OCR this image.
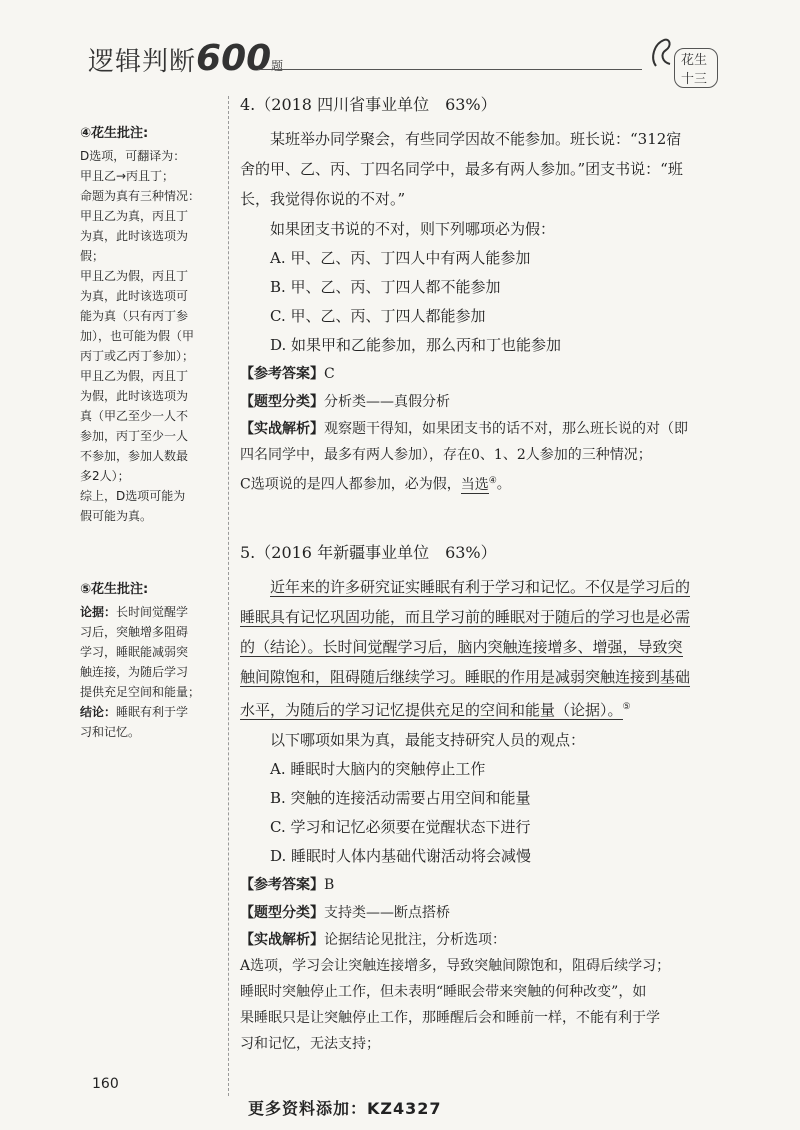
逻辑判断600题	花生十三
④花生批注:
D选项，可翻译为：
甲且乙→丙且丁；
命题为真有三种情况：
甲且乙为真，丙且丁
为真，此时该选项为
假；
甲且乙为假，丙且丁
为真，此时该选项可
能为真（只有丙丁参
加），也可能为假（甲
丙丁或乙丙丁参加）；
甲且乙为假，丙且丁
为假，此时该选项为
真（甲乙至少一人不
参加，丙丁至少一人
不参加，参加人数最
多2人）；
综上，D选项可能为
假可能为真。
⑤花生批注:
论据：长时间觉醒学
习后，突触增多阻碍
学习，睡眠能减弱突
触连接，为随后学习
提供充足空间和能量；
结论：睡眠有利于学
习和记忆。
4.（2018 四川省事业单位　63%）
某班举办同学聚会，有些同学因故不能参加。班长说：“312宿
舍的甲、乙、丙、丁四名同学中，最多有两人参加。”团支书说：“班
长，我觉得你说的不对。”
如果团支书说的不对，则下列哪项必为假：
A. 甲、乙、丙、丁四人中有两人能参加
B. 甲、乙、丙、丁四人都不能参加
C. 甲、乙、丙、丁四人都能参加
D. 如果甲和乙能参加，那么丙和丁也能参加
【参考答案】C
【题型分类】分析类——真假分析
【实战解析】观察题干得知，如果团支书的话不对，那么班长说的对（即
四名同学中，最多有两人参加），存在0、1、2人参加的三种情况；
C选项说的是四人都参加，必为假，当选④。
5.（2016 年新疆事业单位　63%）
近年来的许多研究证实睡眠有利于学习和记忆。不仅是学习后的
睡眠具有记忆巩固功能，而且学习前的睡眠对于随后的学习也是必需
的（结论）。长时间觉醒学习后，脑内突触连接增多、增强，导致突
触间隙饱和，阻碍随后继续学习。睡眠的作用是减弱突触连接到基础
水平，为随后的学习记忆提供充足的空间和能量（论据）。⑤
以下哪项如果为真，最能支持研究人员的观点：
A. 睡眠时大脑内的突触停止工作
B. 突触的连接活动需要占用空间和能量
C. 学习和记忆必须要在觉醒状态下进行
D. 睡眠时人体内基础代谢活动将会减慢
【参考答案】B
【题型分类】支持类——断点搭桥
【实战解析】论据结论见批注，分析选项：
A选项，学习会让突触连接增多，导致突触间隙饱和，阻碍后续学习；
睡眠时突触停止工作，但未表明“睡眠会带来突触的何种改变”，如
果睡眠只是让突触停止工作，那睡醒后会和睡前一样，不能有利于学
习和记忆，无法支持；
160
更多资料添加：KZ4327
